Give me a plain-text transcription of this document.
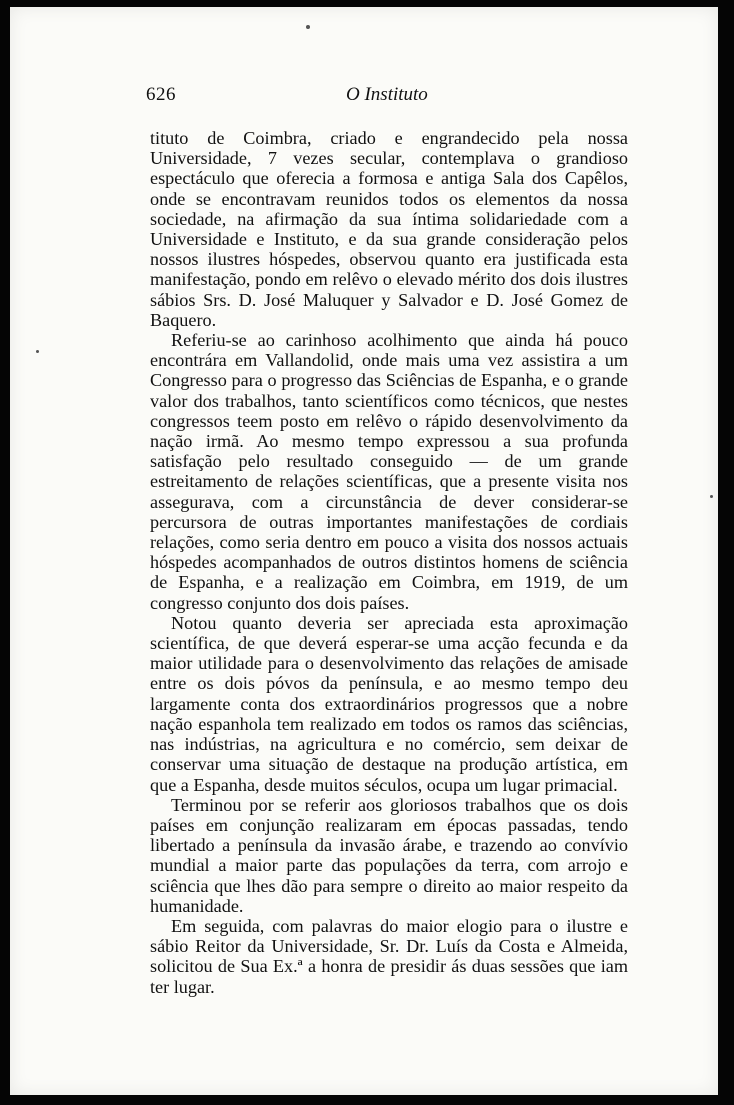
626	O Instituto

tituto de Coimbra, criado e engrandecido pela nossa Universidade, 7 vezes secular, contemplava o grandioso espectáculo que oferecia a formosa e antiga Sala dos Capêlos, onde se encontravam reunidos todos os elementos da nossa sociedade, na afirmação da sua íntima solidariedade com a Universidade e Instituto, e da sua grande consideração pelos nossos ilustres hóspedes, observou quanto era justificada esta manifestação, pondo em relêvo o elevado mérito dos dois ilustres sábios Srs. D. José Maluquer y Salvador e D. José Gomez de Baquero.

Referiu-se ao carinhoso acolhimento que ainda há pouco encontrára em Vallandolid, onde mais uma vez assistira a um Congresso para o progresso das Sciências de Espanha, e o grande valor dos trabalhos, tanto scientíficos como técnicos, que nestes congressos teem posto em relêvo o rápido desenvolvimento da nação irmã. Ao mesmo tempo expressou a sua profunda satisfação pelo resultado conseguido — de um grande estreitamento de relações scientíficas, que a presente visita nos assegurava, com a circunstância de dever considerar-se percursora de outras importantes manifestações de cordiais relações, como seria dentro em pouco a visita dos nossos actuais hóspedes acompanhados de outros distintos homens de sciência de Espanha, e a realização em Coimbra, em 1919, de um congresso conjunto dos dois países.

Notou quanto deveria ser apreciada esta aproximação scientífica, de que deverá esperar-se uma acção fecunda e da maior utilidade para o desenvolvimento das relações de amisade entre os dois póvos da península, e ao mesmo tempo deu largamente conta dos extraordinários progressos que a nobre nação espanhola tem realizado em todos os ramos das sciências, nas indústrias, na agricultura e no comércio, sem deixar de conservar uma situação de destaque na produção artística, em que a Espanha, desde muitos séculos, ocupa um lugar primacial.

Terminou por se referir aos gloriosos trabalhos que os dois países em conjunção realizaram em épocas passadas, tendo libertado a península da invasão árabe, e trazendo ao convívio mundial a maior parte das populações da terra, com arrojo e sciência que lhes dão para sempre o direito ao maior respeito da humanidade.

Em seguida, com palavras do maior elogio para o ilustre e sábio Reitor da Universidade, Sr. Dr. Luís da Costa e Almeida, solicitou de Sua Ex.ª a honra de presidir ás duas sessões que iam ter lugar.
